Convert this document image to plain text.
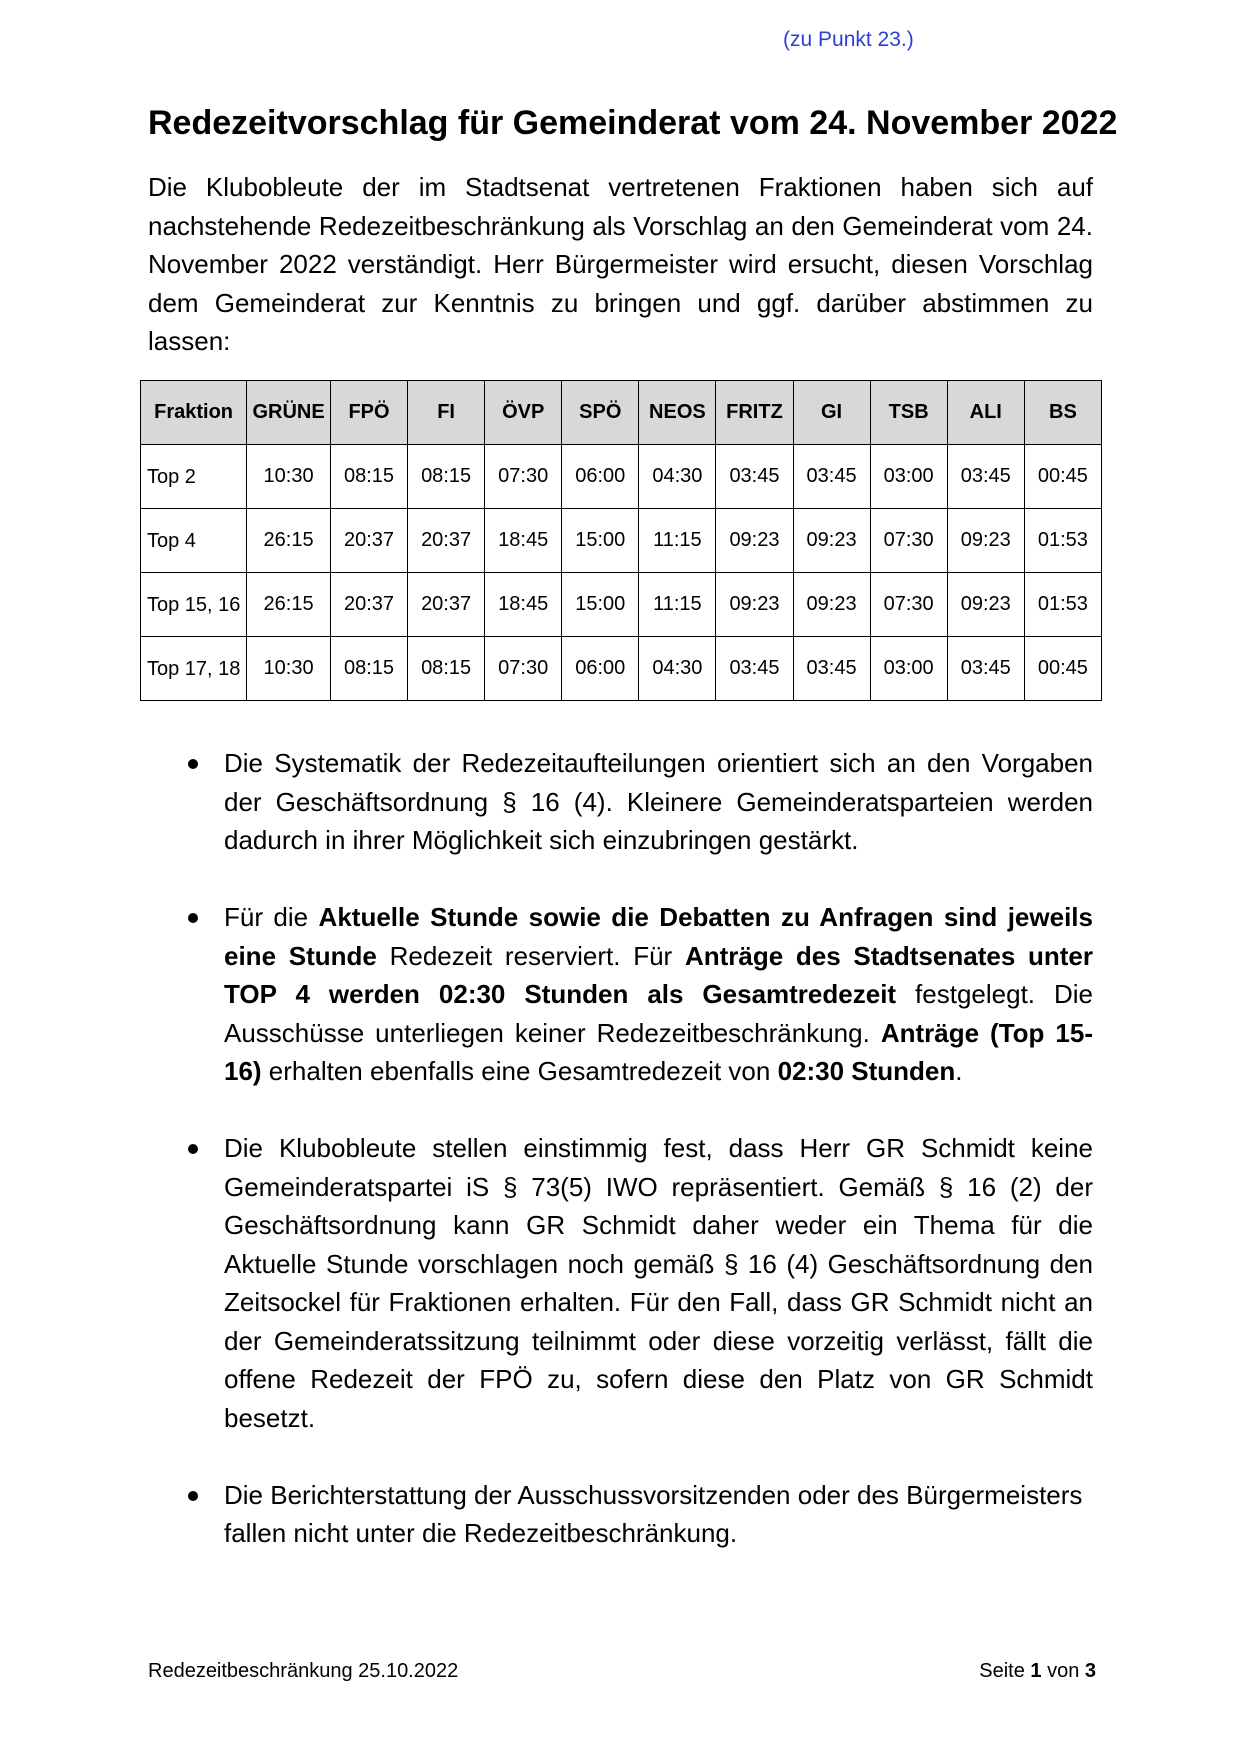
(zu Punkt 23.)
Redezeitvorschlag für Gemeinderat vom 24. November 2022

Die Klubobleute der im Stadtsenat vertretenen Fraktionen haben sich auf nachstehende Redezeitbeschränkung als Vorschlag an den Gemeinderat vom 24. November 2022 verständigt. Herr Bürgermeister wird ersucht, diesen Vorschlag dem Gemeinderat zur Kenntnis zu bringen und ggf. darüber abstimmen zu lassen:

Fraktion	GRÜNE	FPÖ	FI	ÖVP	SPÖ	NEOS	FRITZ	GI	TSB	ALI	BS
Top 2	10:30	08:15	08:15	07:30	06:00	04:30	03:45	03:45	03:00	03:45	00:45
Top 4	26:15	20:37	20:37	18:45	15:00	11:15	09:23	09:23	07:30	09:23	01:53
Top 15, 16	26:15	20:37	20:37	18:45	15:00	11:15	09:23	09:23	07:30	09:23	01:53
Top 17, 18	10:30	08:15	08:15	07:30	06:00	04:30	03:45	03:45	03:00	03:45	00:45
Die Systematik der Redezeitaufteilungen orientiert sich an den Vorgaben der Geschäftsordnung § 16 (4). Kleinere Gemeinderatsparteien werden dadurch in ihrer Möglichkeit sich einzubringen gestärkt.
Für die Aktuelle Stunde sowie die Debatten zu Anfragen sind jeweils eine Stunde Redezeit reserviert. Für Anträge des Stadtsenates unter TOP 4 werden 02:30 Stunden als Gesamtredezeit festgelegt. Die Ausschüsse unterliegen keiner Redezeitbeschränkung. Anträge (Top 15-16) erhalten ebenfalls eine Gesamtredezeit von 02:30 Stunden.
Die Klubobleute stellen einstimmig fest, dass Herr GR Schmidt keine Gemeinderatspartei iS § 73(5) IWO repräsentiert. Gemäß § 16 (2) der Geschäftsordnung kann GR Schmidt daher weder ein Thema für die Aktuelle Stunde vorschlagen noch gemäß § 16 (4) Geschäftsordnung den Zeitsockel für Fraktionen erhalten. Für den Fall, dass GR Schmidt nicht an der Gemeinderatssitzung teilnimmt oder diese vorzeitig verlässt, fällt die offene Redezeit der FPÖ zu, sofern diese den Platz von GR Schmidt besetzt.
Die Berichterstattung der Ausschussvorsitzenden oder des Bürgermeisters fallen nicht unter die Redezeitbeschränkung.
Redezeitbeschränkung 25.10.2022	Seite 1 von 3
